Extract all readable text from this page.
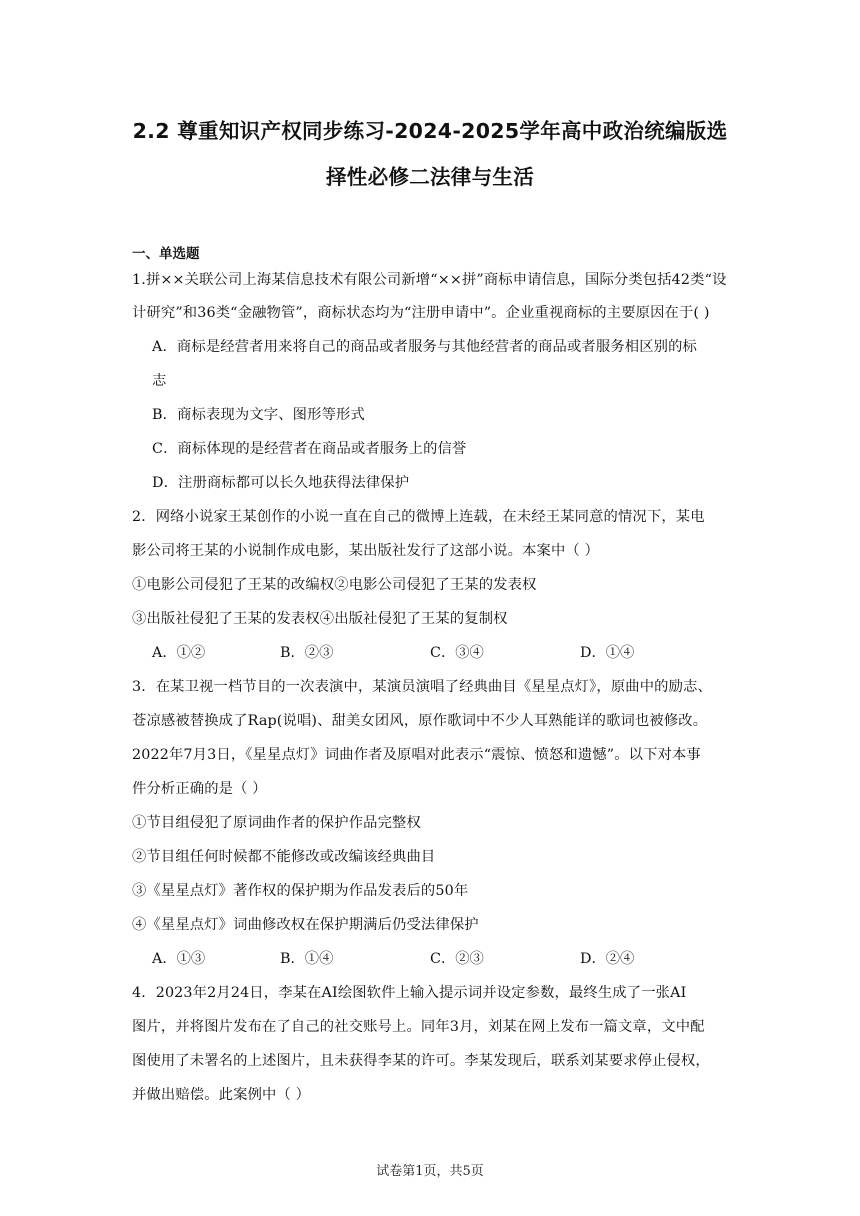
2.2 尊重知识产权同步练习-2024-2025学年高中政治统编版选
择性必修二法律与生活
一、单选题
1.拼××关联公司上海某信息技术有限公司新增“××拼”商标申请信息，国际分类包括42类“设
计研究”和36类“金融物管”，商标状态均为“注册申请中”。企业重视商标的主要原因在于( )
A．商标是经营者用来将自己的商品或者服务与其他经营者的商品或者服务相区别的标
志
B．商标表现为文字、图形等形式
C．商标体现的是经营者在商品或者服务上的信誉
D．注册商标都可以长久地获得法律保护
2．网络小说家王某创作的小说一直在自己的微博上连载，在未经王某同意的情况下，某电
影公司将王某的小说制作成电影，某出版社发行了这部小说。本案中（ ）
①电影公司侵犯了王某的改编权②电影公司侵犯了王某的发表权
③出版社侵犯了王某的发表权④出版社侵犯了王某的复制权
A．①②	B．②③	C．③④	D．①④
3．在某卫视一档节目的一次表演中，某演员演唱了经典曲目《星星点灯》，原曲中的励志、
苍凉感被替换成了Rap(说唱)、甜美女团风，原作歌词中不少人耳熟能详的歌词也被修改。
2022年7月3日，《星星点灯》词曲作者及原唱对此表示“震惊、愤怒和遗憾”。以下对本事
件分析正确的是（ ）
①节目组侵犯了原词曲作者的保护作品完整权
②节目组任何时候都不能修改或改编该经典曲目
③《星星点灯》著作权的保护期为作品发表后的50年
④《星星点灯》词曲修改权在保护期满后仍受法律保护
A．①③	B．①④	C．②③	D．②④
4．2023年2月24日，李某在AI绘图软件上输入提示词并设定参数，最终生成了一张AI
图片，并将图片发布在了自己的社交账号上。同年3月，刘某在网上发布一篇文章，文中配
图使用了未署名的上述图片，且未获得李某的许可。李某发现后，联系刘某要求停止侵权，
并做出赔偿。此案例中（ ）
试卷第1页，共5页
